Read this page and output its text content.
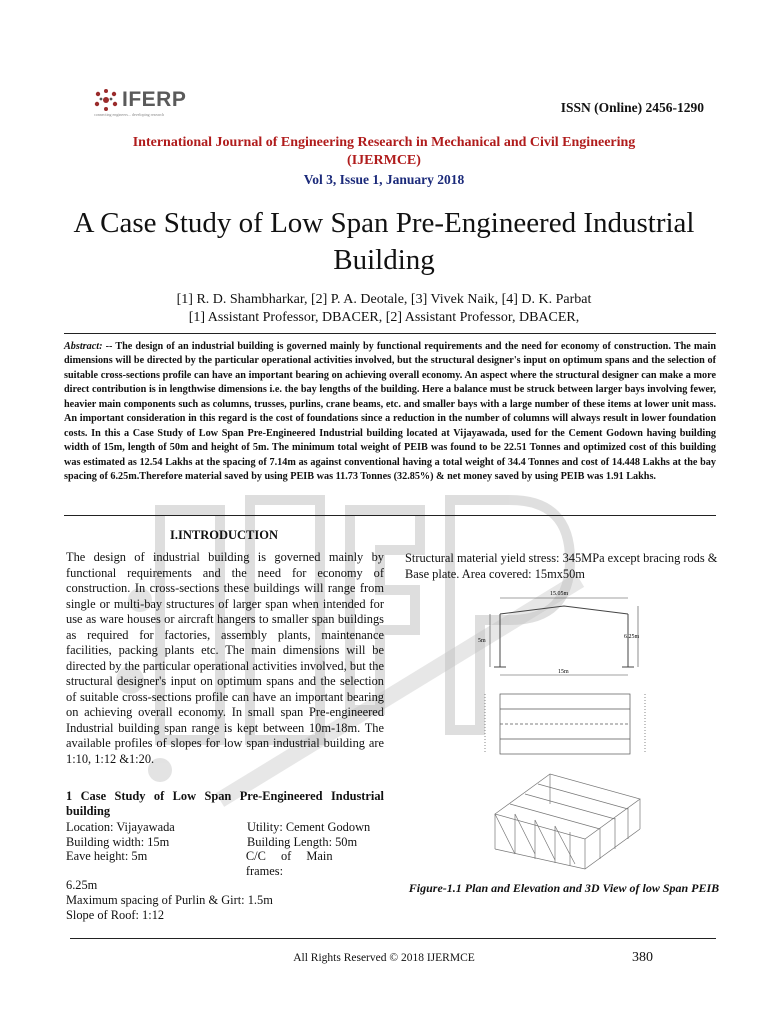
IFERP
connecting engineers... developing research	ISSN (Online) 2456-1290
International Journal of Engineering Research in Mechanical and Civil Engineering
(IJERMCE)
Vol 3, Issue 1, January 2018
A Case Study of Low Span Pre-Engineered Industrial Building
[1] R. D. Shambharkar, [2] P. A. Deotale, [3] Vivek Naik, [4] D. K. Parbat
[1] Assistant Professor, DBACER, [2] Assistant Professor, DBACER,
Abstract: -- The design of an industrial building is governed mainly by functional requirements and the need for economy of construction. The main dimensions will be directed by the particular operational activities involved, but the structural designer's input on optimum spans and the selection of suitable cross-sections profile can have an important bearing on achieving overall economy. An aspect where the structural designer can make a more direct contribution is in lengthwise dimensions i.e. the bay lengths of the building. Here a balance must be struck between larger bays involving fewer, heavier main components such as columns, trusses, purlins, crane beams, etc. and smaller bays with a large number of these items at lower unit mass. An important consideration in this regard is the cost of foundations since a reduction in the number of columns will always result in lower foundation costs. In this a Case Study of Low Span Pre-Engineered Industrial building located at Vijayawada, used for the Cement Godown having building width of 15m, length of 50m and height of 5m. The minimum total weight of PEIB was found to be 22.51 Tonnes and optimized cost of this building was estimated as 12.54 Lakhs at the spacing of 7.14m as against conventional having a total weight of 34.4 Tonnes and cost of 14.448 Lakhs at the bay spacing of 6.25m.Therefore material saved by using PEIB was 11.73 Tonnes (32.85%) & net money saved by using PEIB was 1.91 Lakhs.
I.INTRODUCTION
The design of industrial building is governed mainly by functional requirements and the need for economy of construction. In cross-sections these buildings will range from single or multi-bay structures of larger span when intended for use as ware houses or aircraft hangers to smaller span buildings as required for factories, assembly plants, maintenance facilities, packing plants etc. The main dimensions will be directed by the particular operational activities involved, but the structural designer's input on optimum spans and the selection of suitable cross-sections profile can have an important bearing on achieving overall economy. In small span Pre-engineered Industrial building span range is kept between 10m-18m. The available profiles of slopes for low span industrial building are 1:10, 1:12 &1:20.
1 Case Study of Low Span Pre-Engineered Industrial building
Location: Vijayawada	Utility: Cement Godown
Building width: 15m	Building Length: 50m
Eave height: 5m	C/C of Main frames:
6.25m
Maximum spacing of Purlin & Girt: 1.5m
Slope of Roof: 1:12
Structural material yield stress: 345MPa except bracing rods & Base plate. Area covered: 15mx50m
15.05m
5m
6.25m
15m
Figure-1.1 Plan and Elevation and 3D View of low Span PEIB
All Rights Reserved © 2018 IJERMCE	380
